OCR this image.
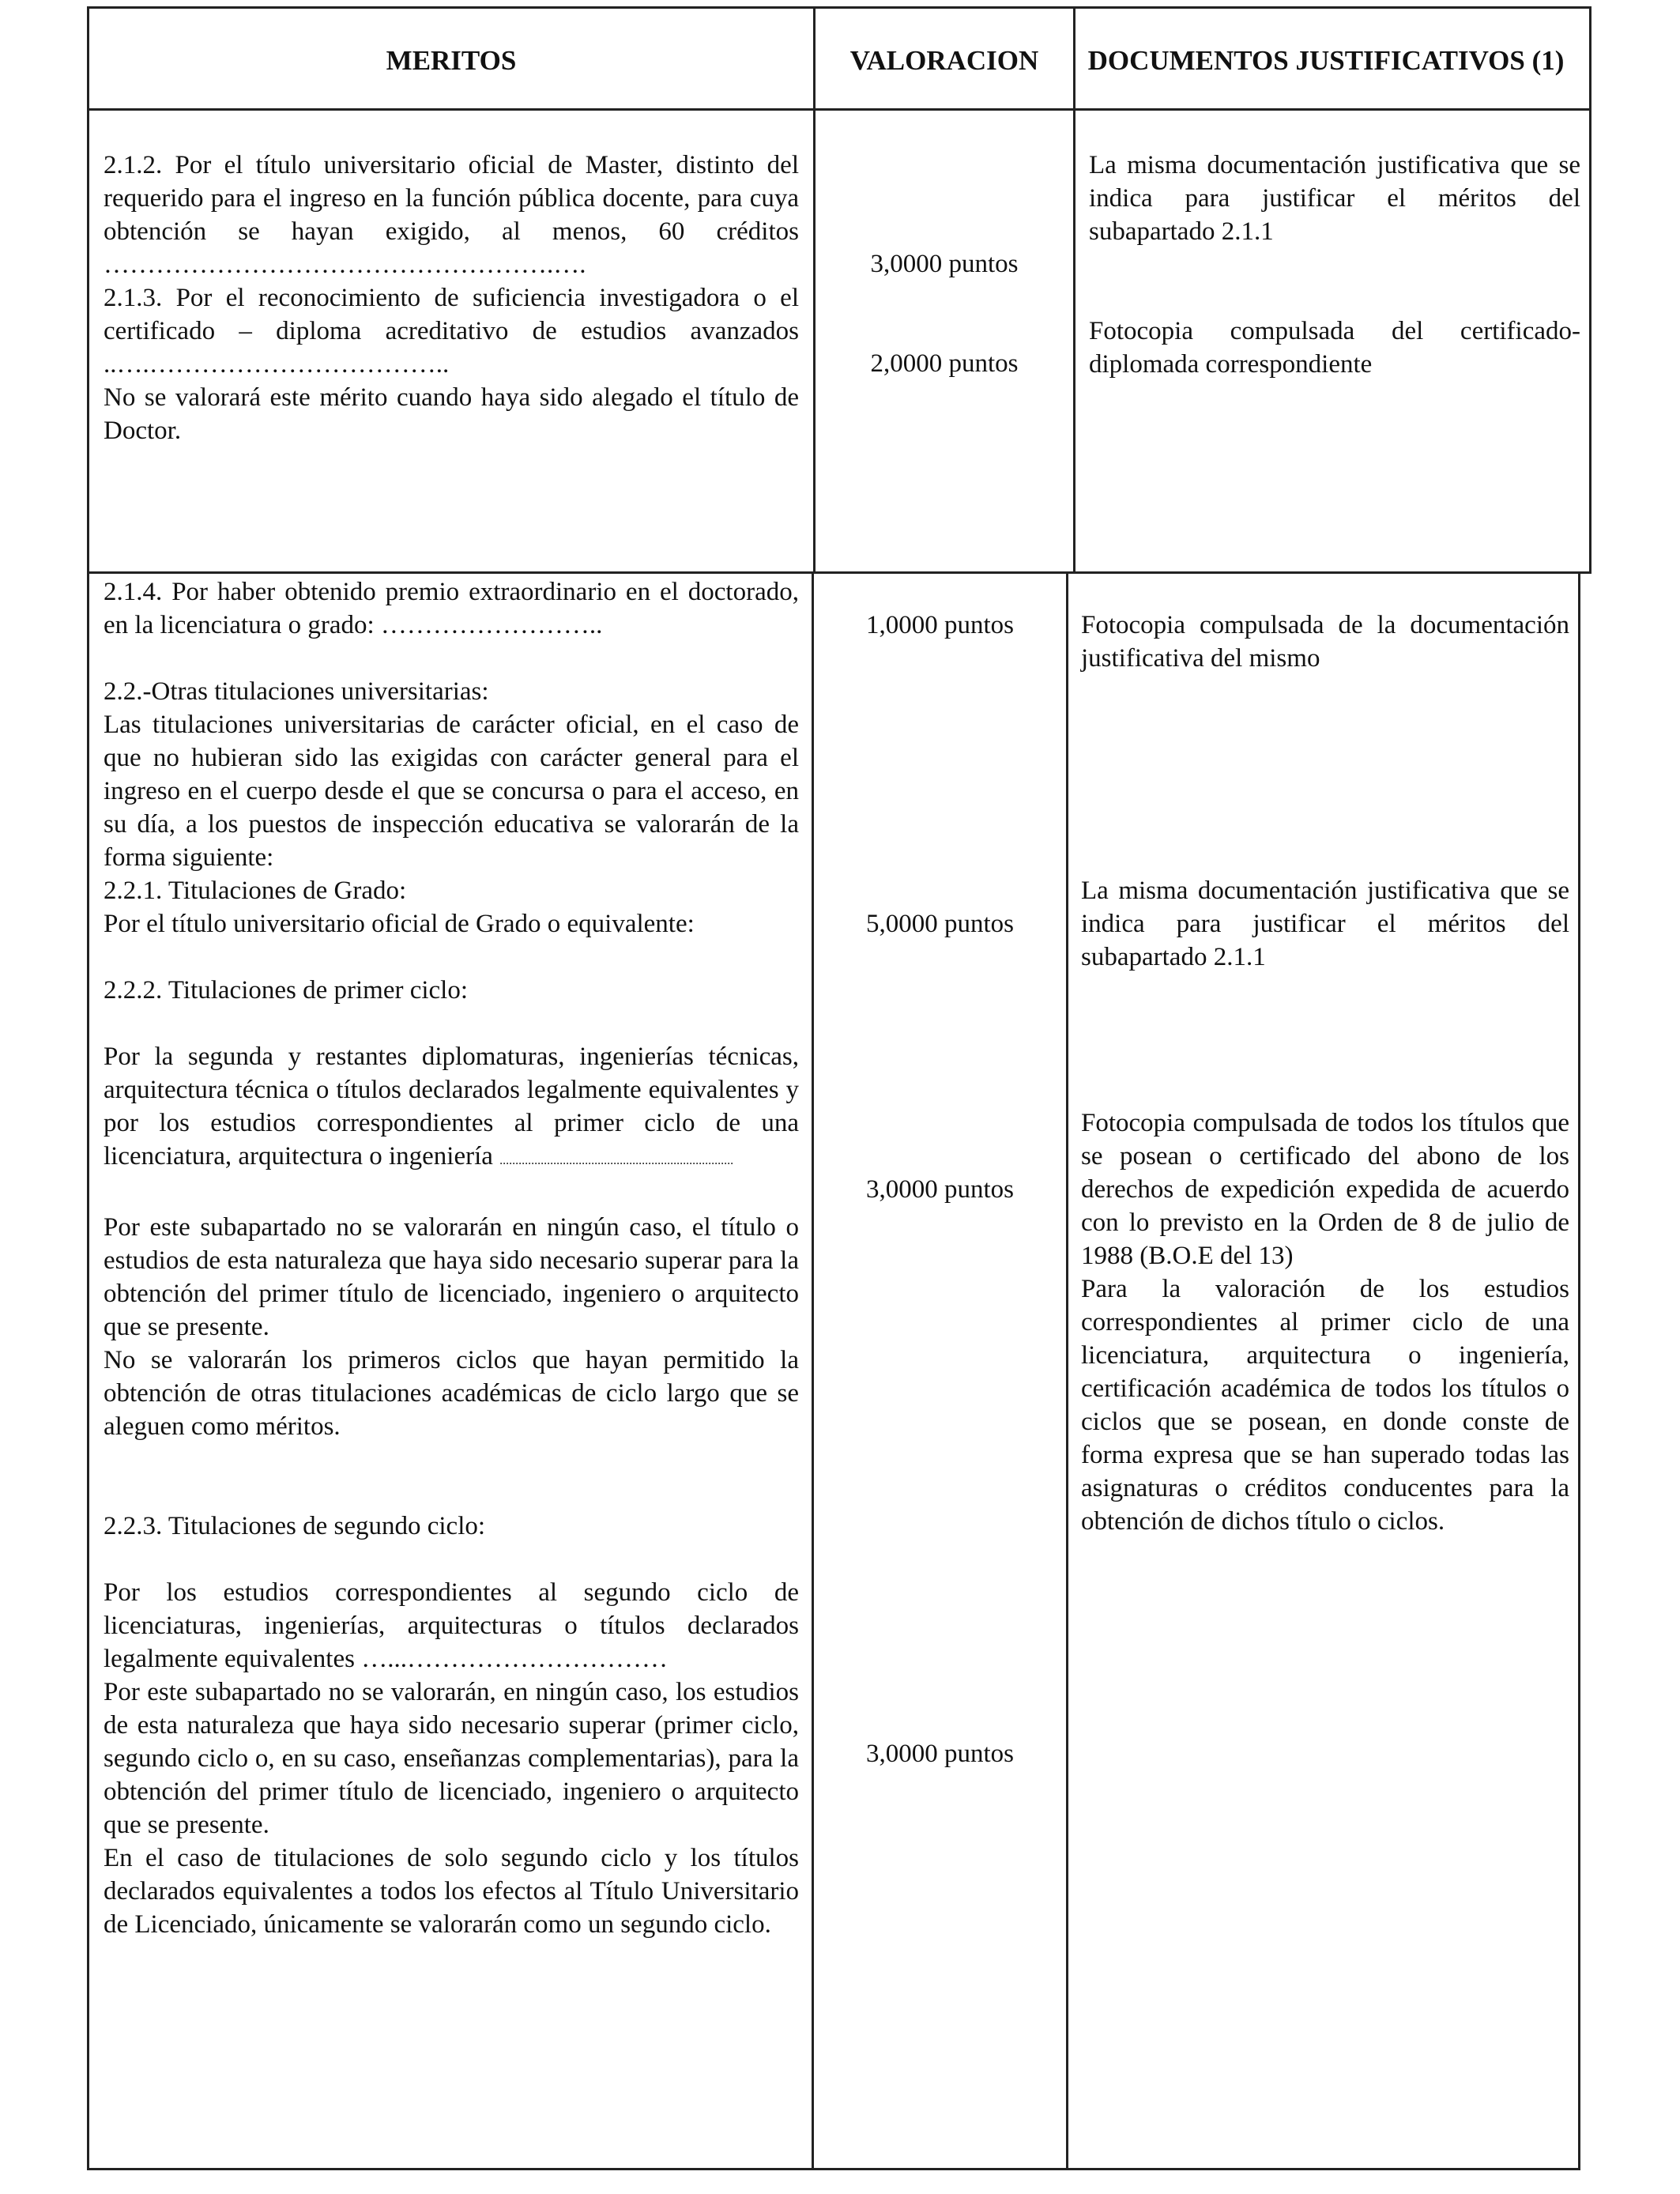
MERITOS	VALORACION	DOCUMENTOS JUSTIFICATIVOS (1)
2.1.2. Por el título universitario oficial de Master, distinto del requerido para el ingreso en la función pública docente, para cuya obtención se hayan exigido, al menos, 60 créditos …………………………………………….….
2.1.3. Por el reconocimiento de suficiencia investigadora o el certificado – diploma acreditativo de estudios avanzados ..….……………………………..
No se valorará este mérito cuando haya sido alegado el título de Doctor.
3,0000 puntos
2,0000 puntos
La misma documentación justificativa que se indica para justificar el méritos del subapartado 2.1.1
Fotocopia compulsada del certificado-diplomada correspondiente
2.1.4. Por haber obtenido premio extraordinario en el doctorado, en la licenciatura o grado: ……………………..
2.2.-Otras titulaciones universitarias:
Las titulaciones universitarias de carácter oficial, en el caso de que no hubieran sido las exigidas con carácter general para el ingreso en el cuerpo desde el que se concursa o para el acceso, en su día, a los puestos de inspección educativa se valorarán de la forma siguiente:
2.2.1. Titulaciones de Grado:
Por el título universitario oficial de Grado o equivalente:
2.2.2. Titulaciones de primer ciclo:
Por la segunda y restantes diplomaturas, ingenierías técnicas, arquitectura técnica o títulos declarados legalmente equivalentes y por los estudios correspondientes al primer ciclo de una licenciatura, arquitectura o ingeniería ..........................................................................
Por este subapartado no se valorarán en ningún caso, el título o estudios de esta naturaleza que haya sido necesario superar para la obtención del primer título de licenciado, ingeniero o arquitecto que se presente.
No se valorarán los primeros ciclos que hayan permitido la obtención de otras titulaciones académicas de ciclo largo que se aleguen como méritos.
2.2.3. Titulaciones de segundo ciclo:
Por los estudios correspondientes al segundo ciclo de licenciaturas, ingenierías, arquitecturas o títulos declarados legalmente equivalentes …...…………………………
Por este subapartado no se valorarán, en ningún caso, los estudios de esta naturaleza que haya sido necesario superar (primer ciclo, segundo ciclo o, en su caso, enseñanzas complementarias), para la obtención del primer título de licenciado, ingeniero o arquitecto que se presente.
En el caso de titulaciones de solo segundo ciclo y los títulos declarados equivalentes a todos los efectos al Título Universitario de Licenciado, únicamente se valorarán como un segundo ciclo.
1,0000 puntos
5,0000 puntos
3,0000 puntos
3,0000 puntos
Fotocopia compulsada de la documentación justificativa del mismo
La misma documentación justificativa que se indica para justificar el méritos del subapartado 2.1.1
Fotocopia compulsada de todos los títulos que se posean o certificado del abono de los derechos de expedición expedida de acuerdo con lo previsto en la Orden de 8 de julio de 1988 (B.O.E del 13)
Para la valoración de los estudios correspondientes al primer ciclo de una licenciatura, arquitectura o ingeniería, certificación académica de todos los títulos o ciclos que se posean, en donde conste de forma expresa que se han superado todas las asignaturas o créditos conducentes para la obtención de dichos título o ciclos.
